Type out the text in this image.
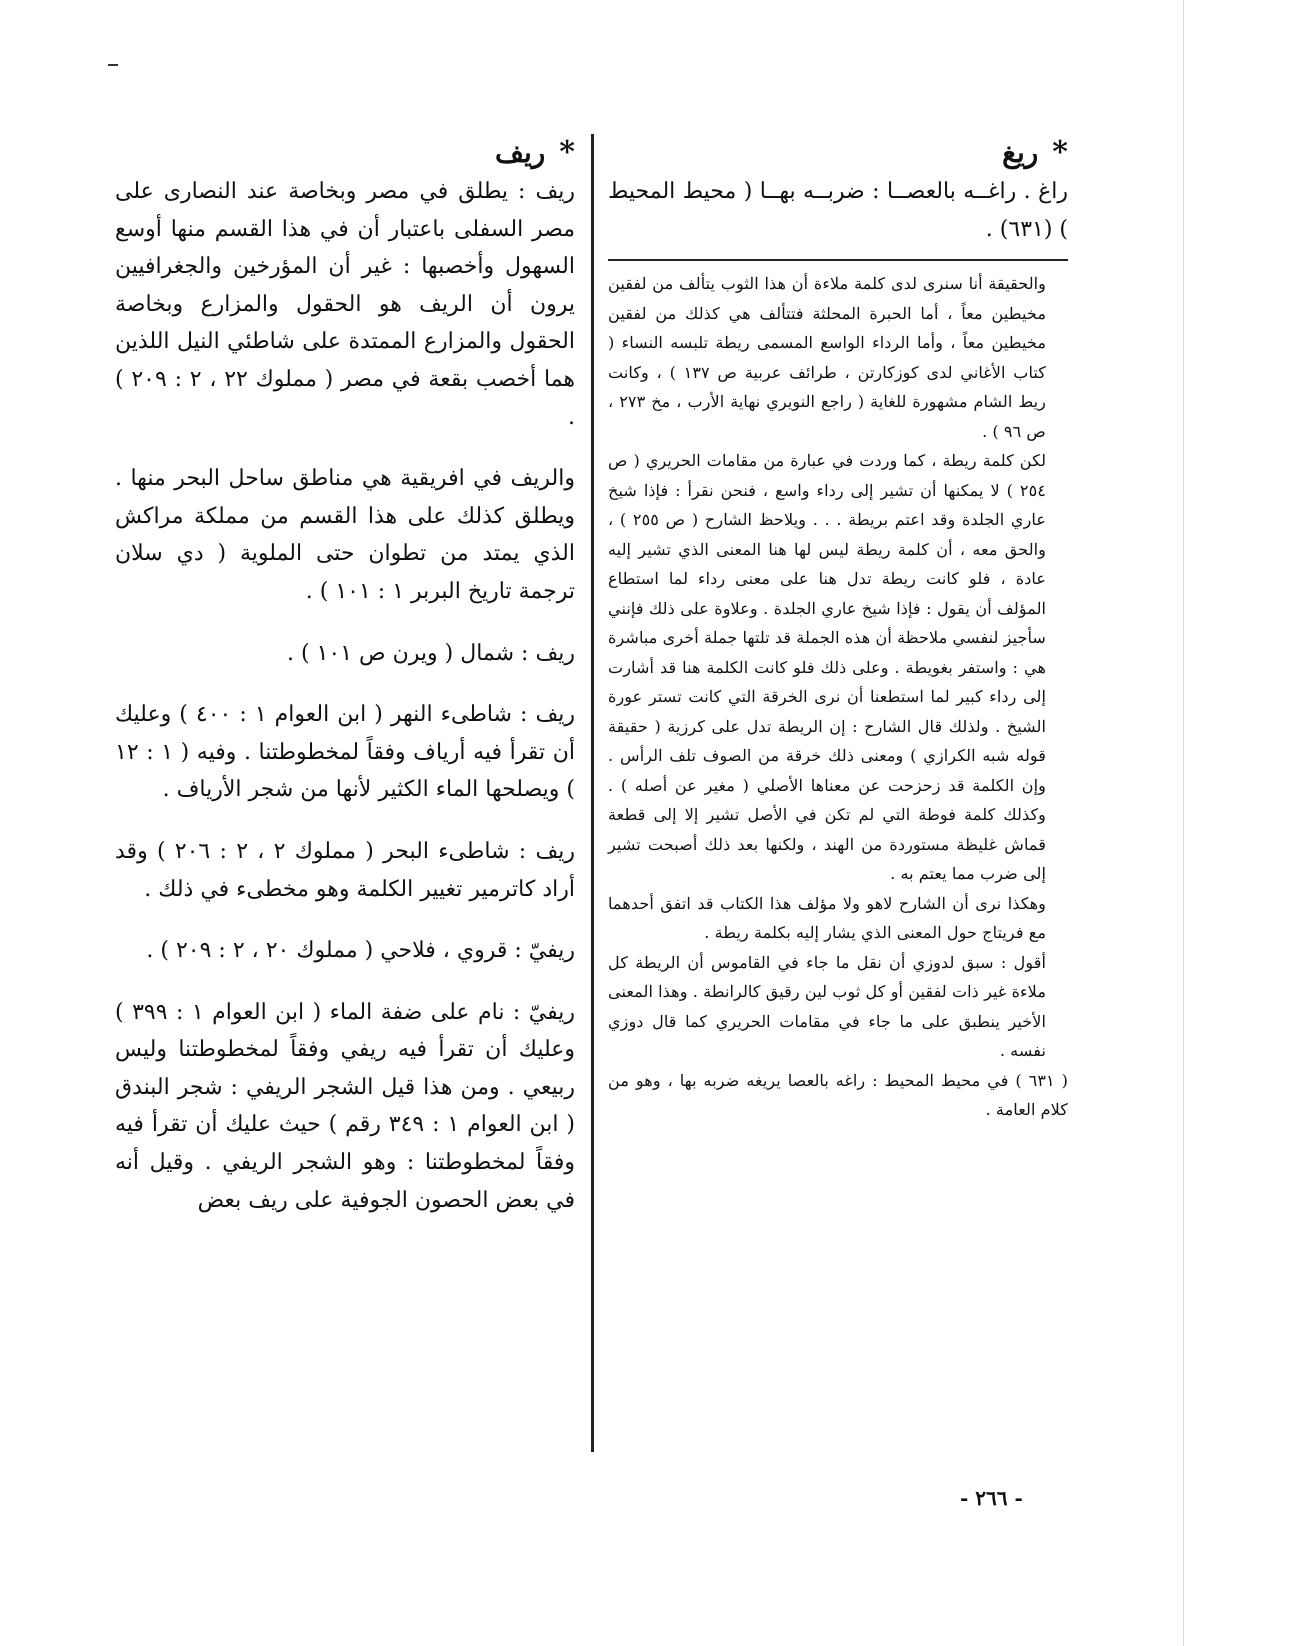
*ريغ

راغ . راغــه بالعصــا : ضربــه بهــا ( محيط المحيط ) (٦٣١) .

والحقيقة أنا سنرى لدى كلمة ملاءة أن هذا الثوب يتألف من لفقين مخيطين معاً ، أما الحبرة المحلثة فتتألف هي كذلك من لفقين مخيطين معاً ، وأما الرداء الواسع المسمى ريطة تلبسه النساء ( كتاب الأغاني لدى كوزكارتن ، طرائف عربية ص ١٣٧ ) ، وكانت ريط الشام مشهورة للغاية ( راجع النويري نهاية الأرب ، مخ ٢٧٣ ، ص ٩٦ ) .

لكن كلمة ريطة ، كما وردت في عبارة من مقامات الحريري ( ص ٢٥٤ ) لا يمكنها أن تشير إلى رداء واسع ، فنحن نقرأ : فإذا شيخ عاري الجلدة وقد اعتم بريطة . . . ويلاحظ الشارح ( ص ٢٥٥ ) ، والحق معه ، أن كلمة ريطة ليس لها هنا المعنى الذي تشير إليه عادة ، فلو كانت ريطة تدل هنا على معنى رداء لما استطاع المؤلف أن يقول : فإذا شيخ عاري الجلدة . وعلاوة على ذلك فإنني سأجيز لنفسي ملاحظة أن هذه الجملة قد تلتها جملة أخرى مباشرة هي : واستفر بغويطة . وعلى ذلك فلو كانت الكلمة هنا قد أشارت إلى رداء كبير لما استطعنا أن نرى الخرقة التي كانت تستر عورة الشيخ . ولذلك قال الشارح : إن الريطة تدل على كرزية ( حقيقة قوله شبه الكرازي ) ومعنى ذلك خرقة من الصوف تلف الرأس . وإن الكلمة قد زحزحت عن معناها الأصلي ( مغير عن أصله ) . وكذلك كلمة فوطة التي لم تكن في الأصل تشير إلا إلى قطعة قماش غليظة مستوردة من الهند ، ولكنها بعد ذلك أصبحت تشير إلى ضرب مما يعتم به .

وهكذا نرى أن الشارح لاهو ولا مؤلف هذا الكتاب قد اتفق أحدهما مع فريتاج حول المعنى الذي يشار إليه بكلمة ريطة .

أقول : سبق لدوزي أن نقل ما جاء في القاموس أن الريطة كل ملاءة غير ذات لفقين أو كل ثوب لين رقيق كالرانطة . وهذا المعنى الأخير ينطبق على ما جاء في مقامات الحريري كما قال دوزي نفسه .

( ٦٣١ ) في محيط المحيط : راغه بالعصا يريغه ضربه بها ، وهو من كلام العامة .

*ريف

ريف : يطلق في مصر وبخاصة عند النصارى على مصر السفلى باعتبار أن في هذا القسم منها أوسع السهول وأخصبها : غير أن المؤرخين والجغرافيين يرون أن الريف هو الحقول والمزارع وبخاصة الحقول والمزارع الممتدة على شاطئي النيل اللذين هما أخصب بقعة في مصر ( مملوك ٢٢ ، ٢ : ٢٠٩ ) .

والريف في افريقية هي مناطق ساحل البحر منها . ويطلق كذلك على هذا القسم من مملكة مراكش الذي يمتد من تطوان حتى الملوية ( دي سلان ترجمة تاريخ البربر ١ : ١٠١ ) .

ريف : شمال ( ويرن ص ١٠١ ) .

ريف : شاطىء النهر ( ابن العوام ١ : ٤٠٠ ) وعليك أن تقرأ فيه أرياف وفقاً لمخطوطتنا . وفيه ( ١ : ١٢ ) ويصلحها الماء الكثير لأنها من شجر الأرياف .

ريف : شاطىء البحر ( مملوك ٢ ، ٢ : ٢٠٦ ) وقد أراد كاترمير تغيير الكلمة وهو مخطىء في ذلك .

ريفيّ : قروي ، فلاحي ( مملوك ٢٠ ، ٢ : ٢٠٩ ) .

ريفيّ : نام على ضفة الماء ( ابن العوام ١ : ٣٩٩ ) وعليك أن تقرأ فيه ريفي وفقاً لمخطوطتنا وليس ربيعي . ومن هذا قيل الشجر الريفي : شجر البندق ( ابن العوام ١ : ٣٤٩ رقم ) حيث عليك أن تقرأ فيه وفقاً لمخطوطتنا : وهو الشجر الريفي . وقيل أنه في بعض الحصون الجوفية على ريف بعض

- ٢٦٦ -
